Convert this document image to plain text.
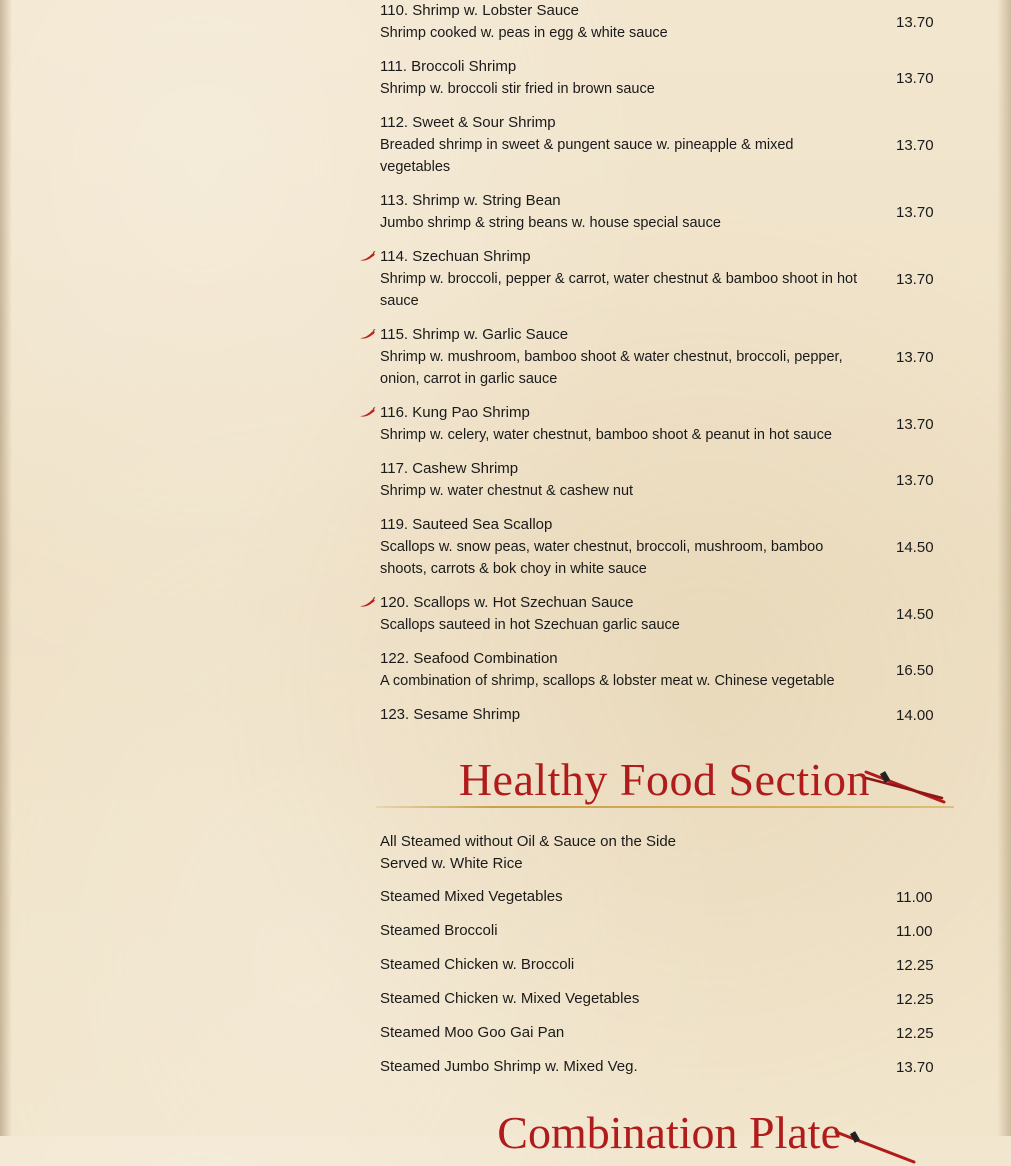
110. Shrimp w. Lobster Sauce
Shrimp cooked w. peas in egg & white sauce
13.70
111. Broccoli Shrimp
Shrimp w. broccoli stir fried in brown sauce
13.70
112. Sweet & Sour Shrimp
Breaded shrimp in sweet & pungent sauce w. pineapple & mixed vegetables
13.70
113. Shrimp w. String Bean
Jumbo shrimp & string beans w. house special sauce
13.70
114. Szechuan Shrimp
Shrimp w. broccoli, pepper & carrot, water chestnut & bamboo shoot in hot sauce
13.70
115. Shrimp w. Garlic Sauce
Shrimp w. mushroom, bamboo shoot & water chestnut, broccoli, pepper, onion, carrot in garlic sauce
13.70
116. Kung Pao Shrimp
Shrimp w. celery, water chestnut, bamboo shoot & peanut in hot sauce
13.70
117. Cashew Shrimp
Shrimp w. water chestnut & cashew nut
13.70
119. Sauteed Sea Scallop
Scallops w. snow peas, water chestnut, broccoli, mushroom, bamboo shoots, carrots & bok choy in white sauce
14.50
120. Scallops w. Hot Szechuan Sauce
Scallops sauteed in hot Szechuan garlic sauce
14.50
122. Seafood Combination
A combination of shrimp, scallops & lobster meat w. Chinese vegetable
16.50
123. Sesame Shrimp	14.00
Healthy Food Section
All Steamed without Oil & Sauce on the Side
Served w. White Rice
Steamed Mixed Vegetables	11.00
Steamed Broccoli	11.00
Steamed Chicken w. Broccoli	12.25
Steamed Chicken w. Mixed Vegetables	12.25
Steamed Moo Goo Gai Pan	12.25
Steamed Jumbo Shrimp w. Mixed Veg.	13.70
Combination Plate
